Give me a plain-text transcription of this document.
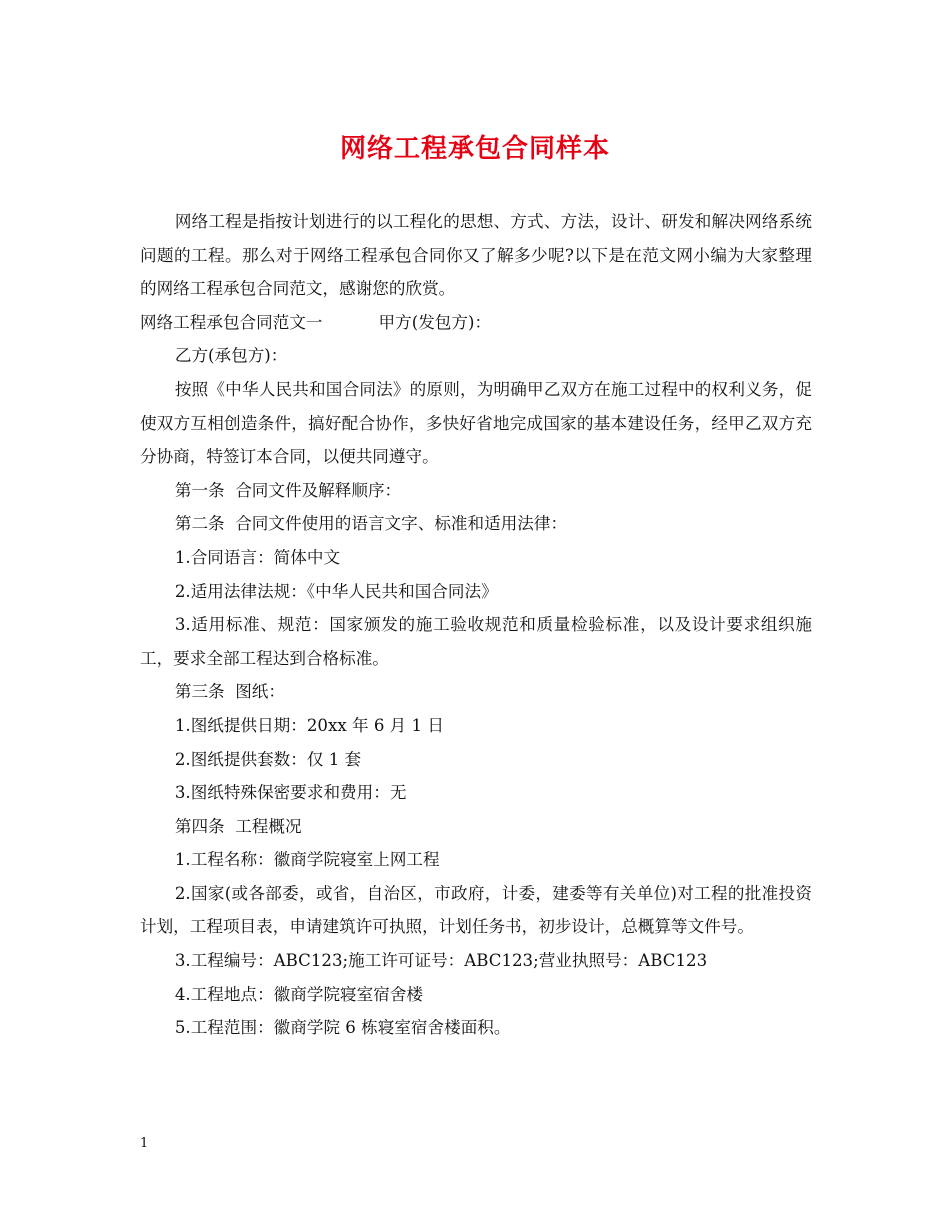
网络工程承包合同样本

网络工程是指按计划进行的以工程化的思想、方式、方法，设计、研发和解决网络系统问题的工程。那么对于网络工程承包合同你又了解多少呢?以下是在范文网小编为大家整理的网络工程承包合同范文，感谢您的欣赏。

网络工程承包合同范文一	甲方(发包方)：

乙方(承包方)：

按照《中华人民共和国合同法》的原则，为明确甲乙双方在施工过程中的权利义务，促使双方互相创造条件，搞好配合协作，多快好省地完成国家的基本建设任务，经甲乙双方充分协商，特签订本合同，以便共同遵守。

第一条  合同文件及解释顺序：

第二条  合同文件使用的语言文字、标准和适用法律：

1.合同语言：简体中文

2.适用法律法规：《中华人民共和国合同法》

3.适用标准、规范：国家颁发的施工验收规范和质量检验标准，以及设计要求组织施工，要求全部工程达到合格标准。

第三条  图纸：

1.图纸提供日期：20xx 年 6 月 1 日

2.图纸提供套数：仅 1 套

3.图纸特殊保密要求和费用：无

第四条  工程概况

1.工程名称：徽商学院寝室上网工程

2.国家(或各部委，或省，自治区，市政府，计委，建委等有关单位)对工程的批准投资计划，工程项目表，申请建筑许可执照，计划任务书，初步设计，总概算等文件号。

3.工程编号：ABC123;施工许可证号：ABC123;营业执照号：ABC123

4.工程地点：徽商学院寝室宿舍楼

5.工程范围：徽商学院 6 栋寝室宿舍楼面积。

1
